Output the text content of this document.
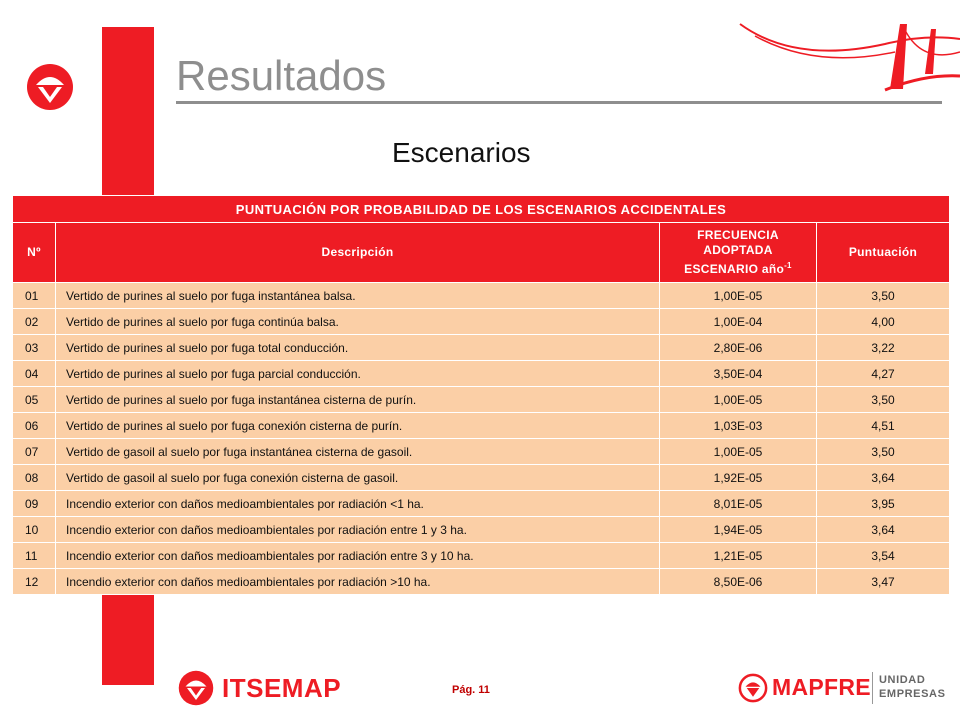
Resultados
Escenarios
PUNTUACIÓN POR PROBABILIDAD DE LOS ESCENARIOS ACCIDENTALES			
Nº	Descripción	FRECUENCIA ADOPTADA ESCENARIO año$^{-1}$	Puntuación
01	Vertido de purines al suelo por fuga instantánea balsa.	1,00E-05	3,50
02	Vertido de purines al suelo por fuga continúa balsa.	1,00E-04	4,00
03	Vertido de purines al suelo por fuga total conducción.	2,80E-06	3,22
04	Vertido de purines al suelo por fuga parcial conducción.	3,50E-04	4,27
05	Vertido de purines al suelo por fuga instantánea cisterna de purín.	1,00E-05	3,50
06	Vertido de purines al suelo por fuga conexión cisterna de purín.	1,03E-03	4,51
07	Vertido de gasoil al suelo por fuga instantánea cisterna de gasoil.	1,00E-05	3,50
08	Vertido de gasoil al suelo por fuga conexión cisterna de gasoil.	1,92E-05	3,64
09	Incendio exterior con daños medioambientales por radiación <1 ha.	8,01E-05	3,95
10	Incendio exterior con daños medioambientales por radiación entre 1 y 3 ha.	1,94E-05	3,64
11	Incendio exterior con daños medioambientales por radiación entre 3 y 10 ha.	1,21E-05	3,54
12	Incendio exterior con daños medioambientales por radiación >10 ha.	8,50E-06	3,47
ITSEMAP	Pág. 11	MAPFRE UNIDAD
EMPRESAS
